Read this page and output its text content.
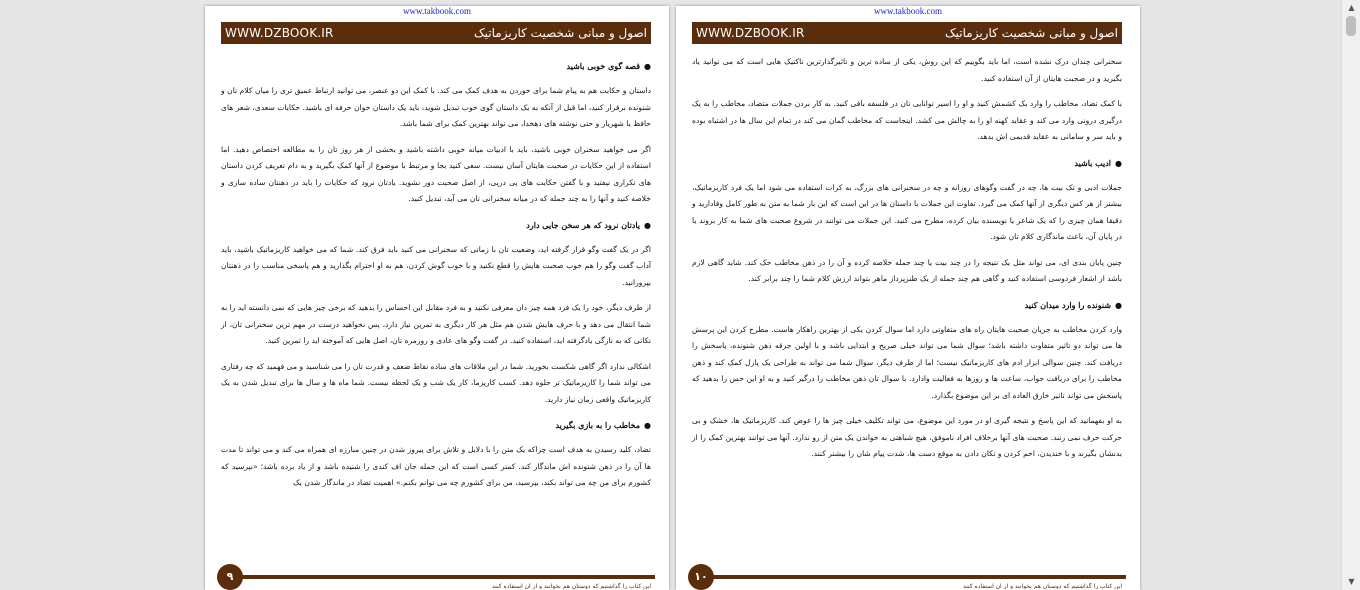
www.takbook.com
WWW.DZBOOK.IR	اصول و مبانی شخصیت کاریزماتیک
●قصه گوی خوبی باشید

داستان و حکایت هم به پیام شما برای خوردن به هدف کمک می کند. با کمک این دو عنصر، می توانید ارتباط عمیق تری را میان کلام تان و شنونده برقرار کنید، اما قبل از آنکه به یک داستان گوی خوب تبدیل شوید، باید یک داستان خوان حرفه ای باشید. حکایات سعدی، شعر های حافظ یا شهریار و حتی نوشته های دهخدا، می تواند بهترین کمک برای شما باشد.

اگر می خواهید سخنران خوبی باشید، باید با ادبیات میانه خوبی داشته باشید و بخشی از هر روز تان را به مطالعه اختصاص دهید. اما استفاده از این حکایات در صحبت هایتان آسان نیست. سعی کنید بجا و مرتبط با موضوع از آنها کمک بگیرید و به دام تعریف کردن داستان های تکراری نیفتید و با گفتن حکایت های پی درپی، از اصل صحبت دور نشوید. یادتان نرود که حکایات را باید در ذهنتان ساده سازی و خلاصه کنید و آنها را به چند جمله که در میانه سخنرانی تان می آید، تبدیل کنید.

●یادتان نرود که هر سخن جایی دارد

اگر در یک گفت وگو قرار گرفته اید، وضعیت تان با زمانی که سخنرانی می کنید باید فرق کند. شما که می خواهید کاریزماتیک باشید، باید آداب گفت وگو را هم خوب صحبت هایش را قطع نکنید و با خوب گوش کردن، هم به او احترام بگذارید و هم پاسخی مناسب را در ذهنتان بپرورانید.

از طرف دیگر، خود را یک فرد همه چیز دان معرفی نکنید و به فرد مقابل این احساس را بدهید که برخی چیز هایی که نمی دانسته اید را به شما انتقال می دهد و با حرف هایش شدن هم مثل هر کار دیگری به تمرین نیاز دارد، پس نخواهید درست در مهم ترین سخنرانی تان، از نکاتی که به تازگی یادگرفته اید، استفاده کنید. در گفت وگو های عادی و روزمره تان، اصل هایی که آموخته اید را تمرین کنید.

اشکالی ندارد اگر گاهی شکست بخورید. شما در این ملاقات های ساده نقاط ضعف و قدرت تان را می شناسید و می فهمید که چه رفتاری می تواند شما را کاریزماتیک تر جلوه دهد. کسب کاریزما، کار یک شب و یک لحظه نیست. شما ماه ها و سال ها برای تبدیل شدن به یک کاریزماتیک واقعی زمان نیاز دارید.

●مخاطب را به بازی بگیرید

تضاد، کلید رسیدن به هدف است چراکه یک متن را با دلایل و تلاش برای پیروز شدن در چنین مبارزه ای همراه می کند و می تواند تا مدت ها آن را در ذهن شنونده اش ماندگار کند. کمتر کسی است که این جمله جان اف کندی را شنیده باشد و از یاد برده باشد؛ «نپرسید که کشورم برای من چه می تواند بکند، بپرسید، من برای کشورم چه می توانم بکنم.» اهمیت تضاد در ماندگار شدن یک

۹
این کتاب را گذاشتیم که دوستان هم بخوانند و از آن استفاده کنند
www.takbook.com
WWW.DZBOOK.IR	اصول و مبانی شخصیت کاریزماتیک

سخنرانی چندان درک نشده است، اما باید بگوییم که این روش، یکی از ساده ترین و تاثیرگذارترین تاکتیک هایی است که می توانید یاد بگیرید و در صحبت هایتان از آن استفاده کنید.

با کمک تضاد، مخاطب را وارد یک کشمش کنید و او را اسیر توانایی تان در فلسفه بافی کنید. به کار بردن جملات متضاد، مخاطب را به یک درگیری درونی وارد می کند و عقاید کهنه او را به چالش می کشد. اینجاست که مخاطب گمان می کند در تمام این سال ها در اشتباه بوده و باید سر و سامانی به عقاید قدیمی اش بدهد.

●ادیب باشید

جملات ادبی و تک بیت ها، چه در گفت وگوهای روزانه و چه در سخنرانی های بزرگ، به کرات استفاده می شود اما یک فرد کاریزماتیک، بیشتر از هر کس دیگری از آنها کمک می گیرد. تفاوت این جملات با داستان ها در این است که این بار شما به متن به طور کامل وفادارید و دقیقا همان چیزی را که یک شاعر یا نویسنده بیان کرده، مطرح می کنید. این جملات می توانند در شروع صحبت های شما به کار بروند یا در پایان آن، باعث ماندگاری کلام تان شود.

چنین پایان بندی ای، می تواند مثل یک نتیجه را در چند بیت یا چند جمله خلاصه کرده و آن را در ذهن مخاطب حک کند. شاید گاهی لازم باشد از اشعار فردوسی استفاده کنید و گاهی هم چند جمله از یک طنزپرداز ماهر بتواند ارزش کلام شما را چند برابر کند.

●شنونده را وارد میدان کنید

وارد کردن مخاطب به جریان صحبت هایتان راه های متفاوتی دارد اما سوال کردن یکی از بهترین راهکار هاست. مطرح کردن این پرسش ها می تواند دو تاثیر متفاوت داشته باشد؛ سوال شما می تواند خیلی صریح و ابتدایی باشد و با اولین جرقه ذهن شنونده، پاسخش را دریافت کند. چنین سوالی ابزار ادم های کاریزماتیک نیست؛ اما از طرف دیگر، سوال شما می تواند به طراحی یک پازل کمک کند و ذهن مخاطب را برای دریافت جواب، ساعت ها و روزها به فعالیت وادارد. با سوال تان ذهن مخاطب را درگیر کنید و به او این حس را بدهید که پاسخش می تواند تاثیر خارق العاده ای بر این موضوع بگذارد.

به او بفهمانید که این پاسخ و نتیجه گیری او در مورد این موضوع، می تواند تکلیف خیلی چیز ها را عوض کند. کاریزماتیک ها، خشک و بی حرکت حرف نمی زنند. صحبت های آنها برخلاف افراد ناموفق، هیچ شباهتی به خواندن یک متن از رو ندارد. آنها می توانند بهترین کمک را از بدنشان بگیرند و با خندیدن، اخم کردن و تکان دادن به موقع دست ها، شدت پیام شان را بیشتر کنند.

۱۰
این کتاب را گذاشتیم که دوستان هم بخوانند و از آن استفاده کنند
▲
▼
